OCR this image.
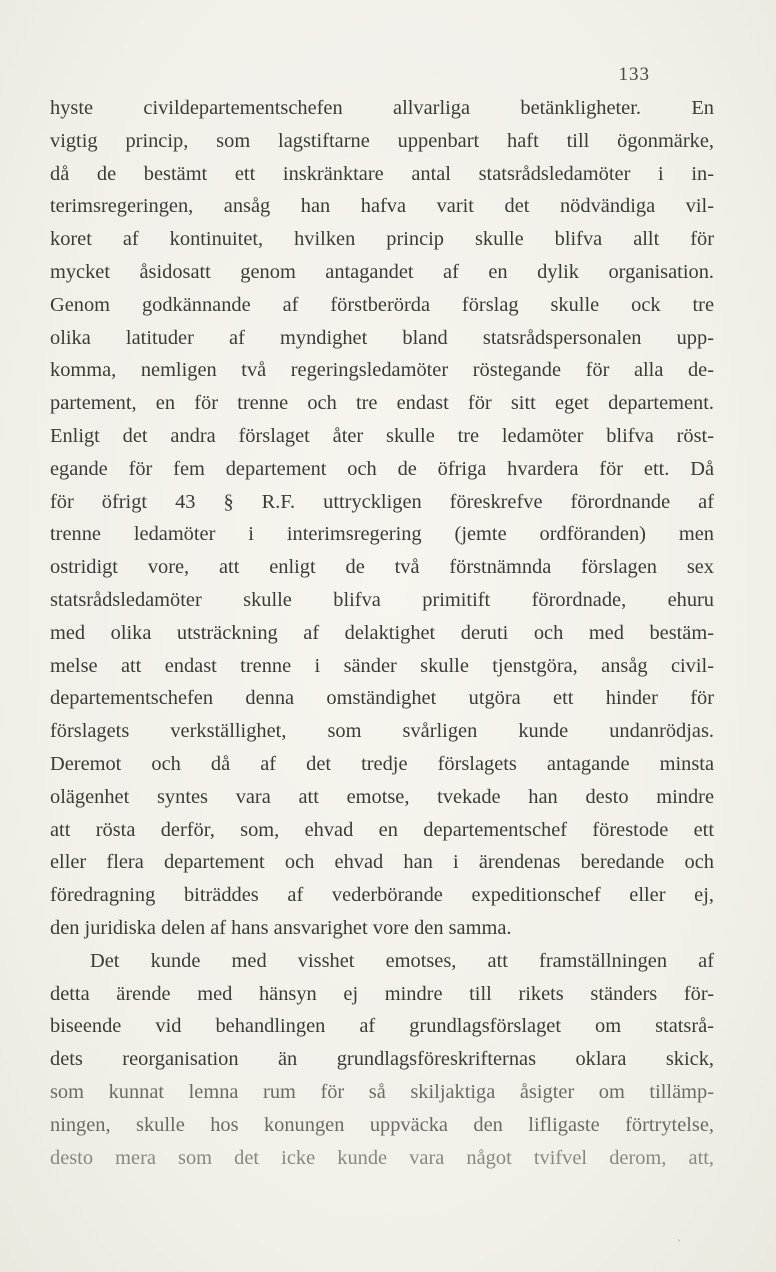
133
hyste civildepartementschefen allvarliga betänkligheter. En
vigtig princip, som lagstiftarne uppenbart haft till ögonmärke,
då de bestämt ett inskränktare antal statsrådsledamöter i in-
terimsregeringen, ansåg han hafva varit det nödvändiga vil-
koret af kontinuitet, hvilken princip skulle blifva allt för
mycket åsidosatt genom antagandet af en dylik organisation.
Genom godkännande af förstberörda förslag skulle ock tre
olika latituder af myndighet bland statsrådspersonalen upp-
komma, nemligen två regeringsledamöter röstegande för alla de-
partement, en för trenne och tre endast för sitt eget departement.
Enligt det andra förslaget åter skulle tre ledamöter blifva röst-
egande för fem departement och de öfriga hvardera för ett. Då
för öfrigt 43 § R.F. uttryckligen föreskrefve förordnande af
trenne ledamöter i interimsregering (jemte ordföranden) men
ostridigt vore, att enligt de två förstnämnda förslagen sex
statsrådsledamöter skulle blifva primitift förordnade, ehuru
med olika utsträckning af delaktighet deruti och med bestäm-
melse att endast trenne i sänder skulle tjenstgöra, ansåg civil-
departementschefen denna omständighet utgöra ett hinder för
förslagets verkställighet, som svårligen kunde undanrödjas.
Deremot och då af det tredje förslagets antagande minsta
olägenhet syntes vara att emotse, tvekade han desto mindre
att rösta derför, som, ehvad en departementschef förestode ett
eller flera departement och ehvad han i ärendenas beredande och
föredragning biträddes af vederbörande expeditionschef eller ej,
den juridiska delen af hans ansvarighet vore den samma.
Det kunde med visshet emotses, att framställningen af
detta ärende med hänsyn ej mindre till rikets ständers för-
biseende vid behandlingen af grundlagsförslaget om statsrå-
dets reorganisation än grundlagsföreskrifternas oklara skick,
som kunnat lemna rum för så skiljaktiga åsigter om tillämp-
ningen, skulle hos konungen uppväcka den lifligaste förtrytelse,
desto mera som det icke kunde vara något tvifvel derom, att,
`
